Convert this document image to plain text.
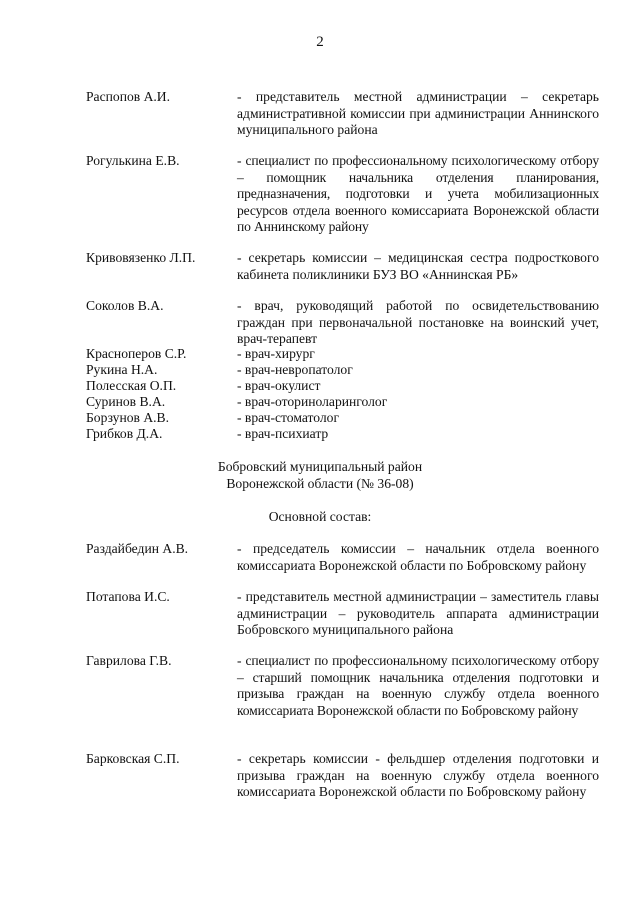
2
Распопов А.И.	- представитель местной администрации – секретарь административной комиссии при администрации Аннинского муниципального района
Рогулькина Е.В.	- специалист по профессиональному психологическому отбору – помощник начальника отделения планирования, предназначения, подготовки и учета мобилизационных ресурсов отдела военного комиссариата Воронежской области по Аннинскому району
Кривовязенко Л.П.	- секретарь комиссии – медицинская сестра подросткового кабинета поликлиники БУЗ ВО «Аннинская РБ»
Соколов В.А.	- врач, руководящий работой по освидетельствованию граждан при первоначальной постановке на воинский учет, врач-терапевт
Красноперов С.Р.	- врач-хирург
Рукина Н.А.	- врач-невропатолог
Полесская О.П.	- врач-окулист
Суринов В.А.	- врач-оториноларинголог
Борзунов А.В.	- врач-стоматолог
Грибков Д.А.	- врач-психиатр
Бобровский муниципальный район
Воронежской области (№ 36-08)
Основной состав:
Раздайбедин А.В.	- председатель комиссии – начальник отдела военного комиссариата Воронежской области по Бобровскому району
Потапова И.С.	- представитель местной администрации – заместитель главы администрации – руководитель аппарата администрации Бобровского муниципального района
Гаврилова Г.В.	- специалист по профессиональному психологическому отбору – старший помощник начальника отделения подготовки и призыва граждан на военную службу отдела военного комиссариата Воронежской области по Бобровскому району
Барковская С.П.	- секретарь комиссии - фельдшер отделения подготовки и призыва граждан на военную службу отдела военного комиссариата Воронежской области по Бобровскому району
